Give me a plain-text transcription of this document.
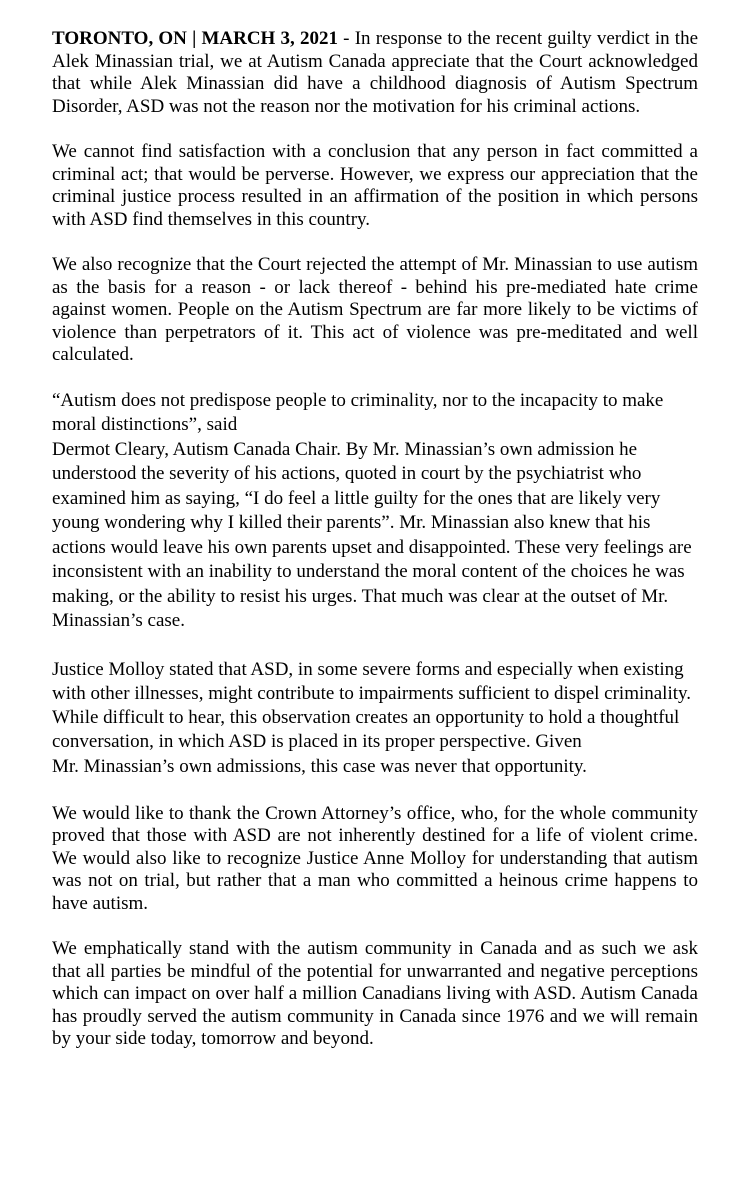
TORONTO, ON | MARCH 3, 2021 - In response to the recent guilty verdict in the Alek Minassian trial, we at Autism Canada appreciate that the Court acknowledged that while Alek Minassian did have a childhood diagnosis of Autism Spectrum Disorder, ASD was not the reason nor the motivation for his criminal actions.

We cannot find satisfaction with a conclusion that any person in fact committed a criminal act; that would be perverse. However, we express our appreciation that the criminal justice process resulted in an affirmation of the position in which persons with ASD find themselves in this country.

We also recognize that the Court rejected the attempt of Mr. Minassian to use autism as the basis for a reason - or lack thereof - behind his pre-mediated hate crime against women. People on the Autism Spectrum are far more likely to be victims of violence than perpetrators of it. This act of violence was pre-meditated and well calculated.

“Autism does not predispose people to criminality, nor to the incapacity to make moral distinctions”, said

Dermot Cleary, Autism Canada Chair. By Mr. Minassian’s own admission he understood the severity of his actions, quoted in court by the psychiatrist who examined him as saying, “I do feel a little guilty for the ones that are likely very young wondering why I killed their parents”. Mr. Minassian also knew that his actions would leave his own parents upset and disappointed. These very feelings are inconsistent with an inability to understand the moral content of the choices he was making, or the ability to resist his urges. That much was clear at the outset of Mr. Minassian’s case.

Justice Molloy stated that ASD, in some severe forms and especially when existing with other illnesses, might contribute to impairments sufficient to dispel criminality. While difficult to hear, this observation creates an opportunity to hold a thoughtful conversation, in which ASD is placed in its proper perspective. Given

Mr. Minassian’s own admissions, this case was never that opportunity.

We would like to thank the Crown Attorney’s office, who, for the whole community proved that those with ASD are not inherently destined for a life of violent crime. We would also like to recognize Justice Anne Molloy for understanding that autism was not on trial, but rather that a man who committed a heinous crime happens to have autism.

We emphatically stand with the autism community in Canada and as such we ask that all parties be mindful of the potential for unwarranted and negative perceptions which can impact on over half a million Canadians living with ASD. Autism Canada has proudly served the autism community in Canada since 1976 and we will remain by your side today, tomorrow and beyond.
